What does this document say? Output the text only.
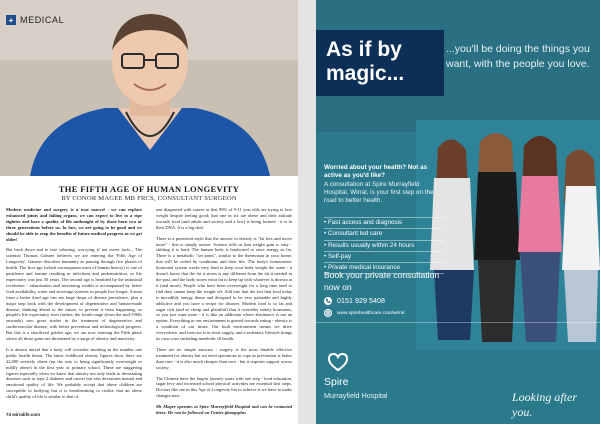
+ MEDICAL
THE FIFTH AGE OF HUMAN LONGEVITY
BY CONOR MAGEE MB FRCS, CONSULTANT SURGEON

Modern medicine and surgery is a true marvel - we can replace exhausted joints and failing organs, we can expect to live to a ripe eighties and have a quality of life unthought of by those born two or three generations before us. In fact, we are going to be good and we should be able to reap the benefits of future medical progress as we get older!

But back down and to true sobering, worrying, if not sweet facts... The scientist Thomas Gaisner believes we are entering the 'Fifth Age of Longevity'. Gaisner describes humanity as passing through five phases of health. The first age (which encompasses most of human history) is one of pestilence and famine resulting in infections and undernutrition, so life expectancy was just 30 years. The second age is heralded by the industrial revolution - urbanisation and increasing wealth is accompanied by better food availability, water and sewerage systems so people live longer. A stem from a better third age can see large drops of disease prevalence, plus a major step back with the development of degenerative and human-made disease, thinking ahead to the future, to prevent it from happening, so people's life expectancy rises further; the fourth stage (from the mid-1960s onwards) saw great strides in the treatment of degenerative and cardiovascular disease, with better prevention and technological progress. But this is a shortlived golden age; we are now entering the Fifth phase where all those gains are threatened by a surge of obesity and inactivity.

It is almost unreal that a body will overtake smoking as the number one public health threat. The latest childhood obesity figures show there are 22,000 severely obese (on the way to being significantly overweight or mildly obese) in the first year of primary school. These are staggering figures especially when we know that obesity not only leads to devastating diseases such as type 2 diabetes and cancer but also devastates mental and emotional quality of life. We probably accept that obese children are susceptible to bullying but it is heartbreaking to realise that an obese child's quality of life is similar to that of

one diagnosed with cancer or that 99% of 9-11 year olds are trying to lose weight despite feeling good; that one in six are obese and their attitude towards food (and adults and society and a few) is being formed - it is in their DNA. It is a big deal.

There is a persistent myth that the answer to obesity is "fat less and move more" - this is simply untrue. Science tells us that weight gain is easy - shifting it is hard. The human body is hardwired to store energy as fat. There is a metabolic "set point", similar to the thermostat in your home, that will be coded by conditions and their life. The body's homeostatic hormonal system works very hard to keep your body weight the same - it doesn't know that the fat it stores is any different from the fat it needed in the past, and the body stores extra fat to keep up with whatever is thrown at it (and more). People who have been overweight for a long time tend to find they cannot keep the weight off. Add into that the fact that food today is incredibly energy dense and designed to be very palatable and highly addictive and you have a recipe for disaster. Modern food is so fat and sugar rich (and so cheap and plentiful) that it overrides satiety hormones, so you just want more - it is like an addiction where abstinence is not an option. Everything in our environment is geared towards eating - obesity is a condition of our times. Our built environment means we drive everywhere, and exercise is in short supply, and a sedentary lifestyle brings its own costs including metabolic ill health.

There are no simple answers - surgery is the most durable effective treatment for obesity but we need operations to cope as prevention is better than cure - it is also much cheaper than cure - but it requires support across society.

The Chinese have the largest journey starts with one step - food education, sugar levy and increased school physical activities are essential first steps. Doctors like me in this Age of Longevity but to achieve it we have to make changes now.

Mr Magee operates at Spire Murrayfield Hospital and can be contacted there. He can be followed on Twitter @magsplus

74 wirralife.com
As if by magic...
...you'll be doing the things you want, with the people you love.
Worried about your health? Not as active as you'd like?
A consultation at Spire Murrayfield Hospital, Wirral, is your first step on the road to better health.
• Fast access and diagnosis
• Consultant led care
• Results usually within 24 hours
• Self-pay
• Private medical insurance
Book your private consultation now on
0151 929 5408
www.spirehealthcare.com/wirral
Spire
Murrayfield Hospital	Looking after you.
